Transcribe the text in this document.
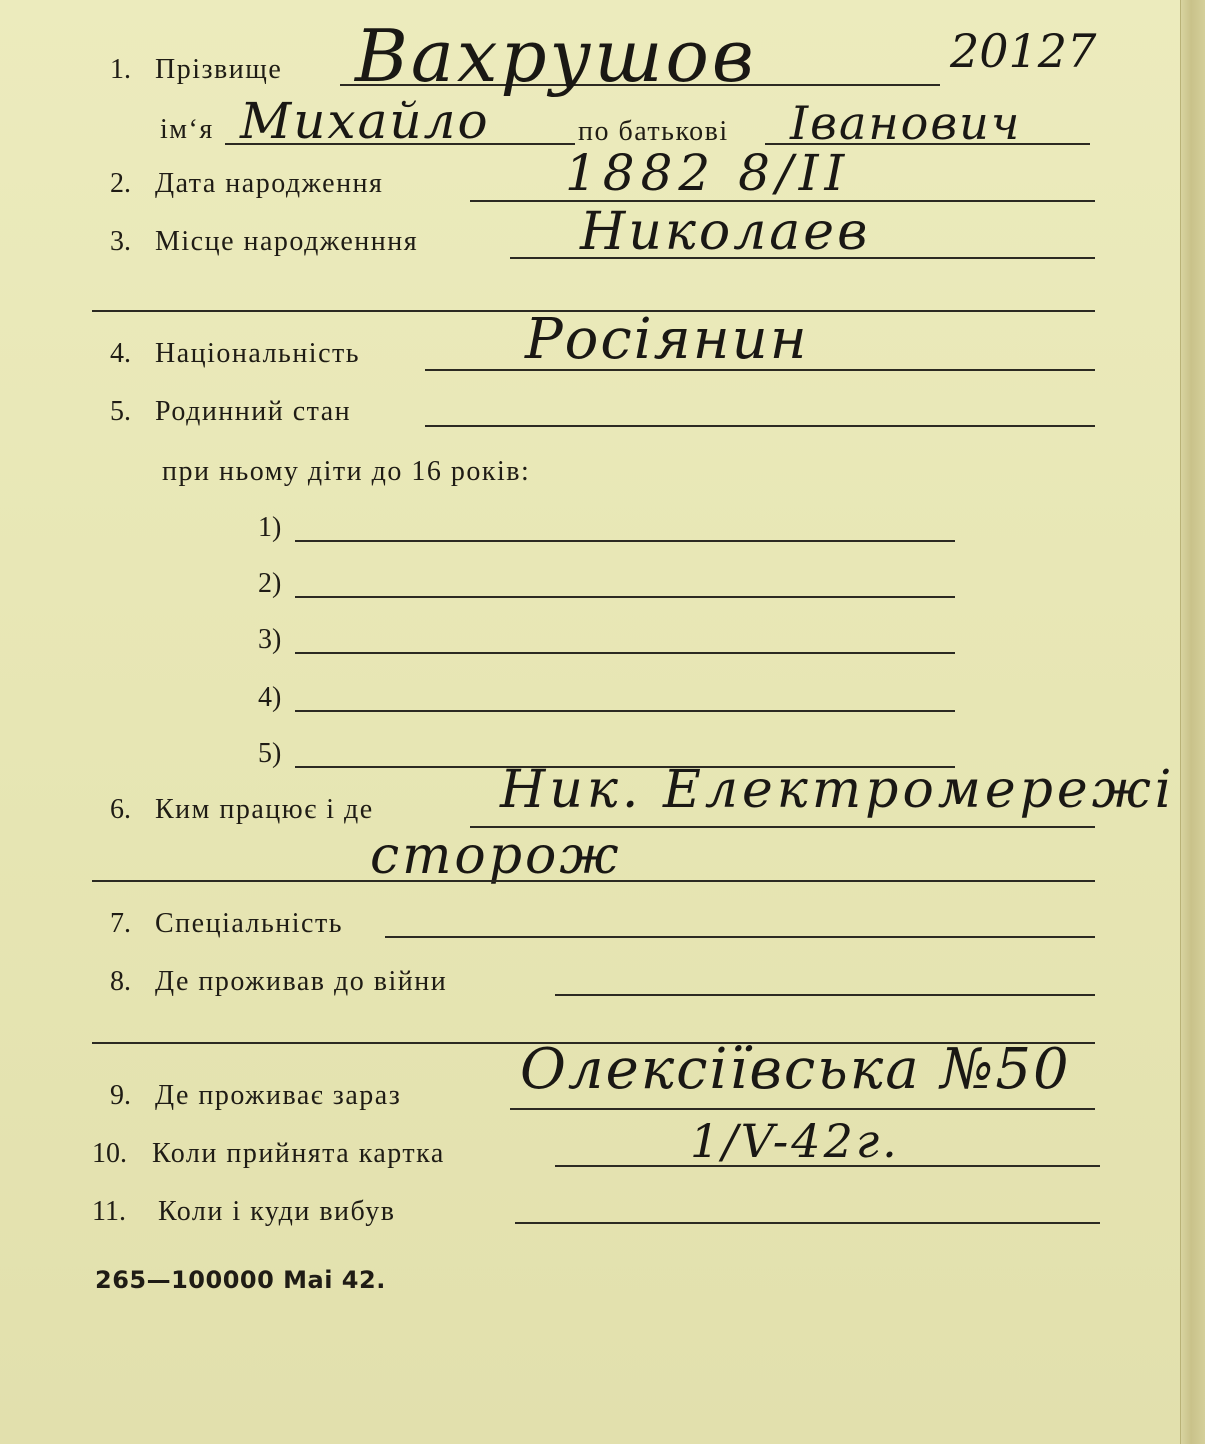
1. Прізвище Вахрушов	20127
ім‘я Михайло	по батькові Іванович
2. Дата народження	1882 8/ІІ
3. Місце народженння	Николаев
4. Національність	Росіянин
5. Родинний стан
при ньому діти до 16 років:
1)
2)
3)
4)
5)
6. Ким працює і де Ник. Електромережі
сторож
7. Спеціальність
8. Де проживав до війни
9. Де проживає зараз Олексіївська №50
10. Коли прийнята картка	1/V-42г.
11. Коли і куди вибув
265—100000 Mai 42.
